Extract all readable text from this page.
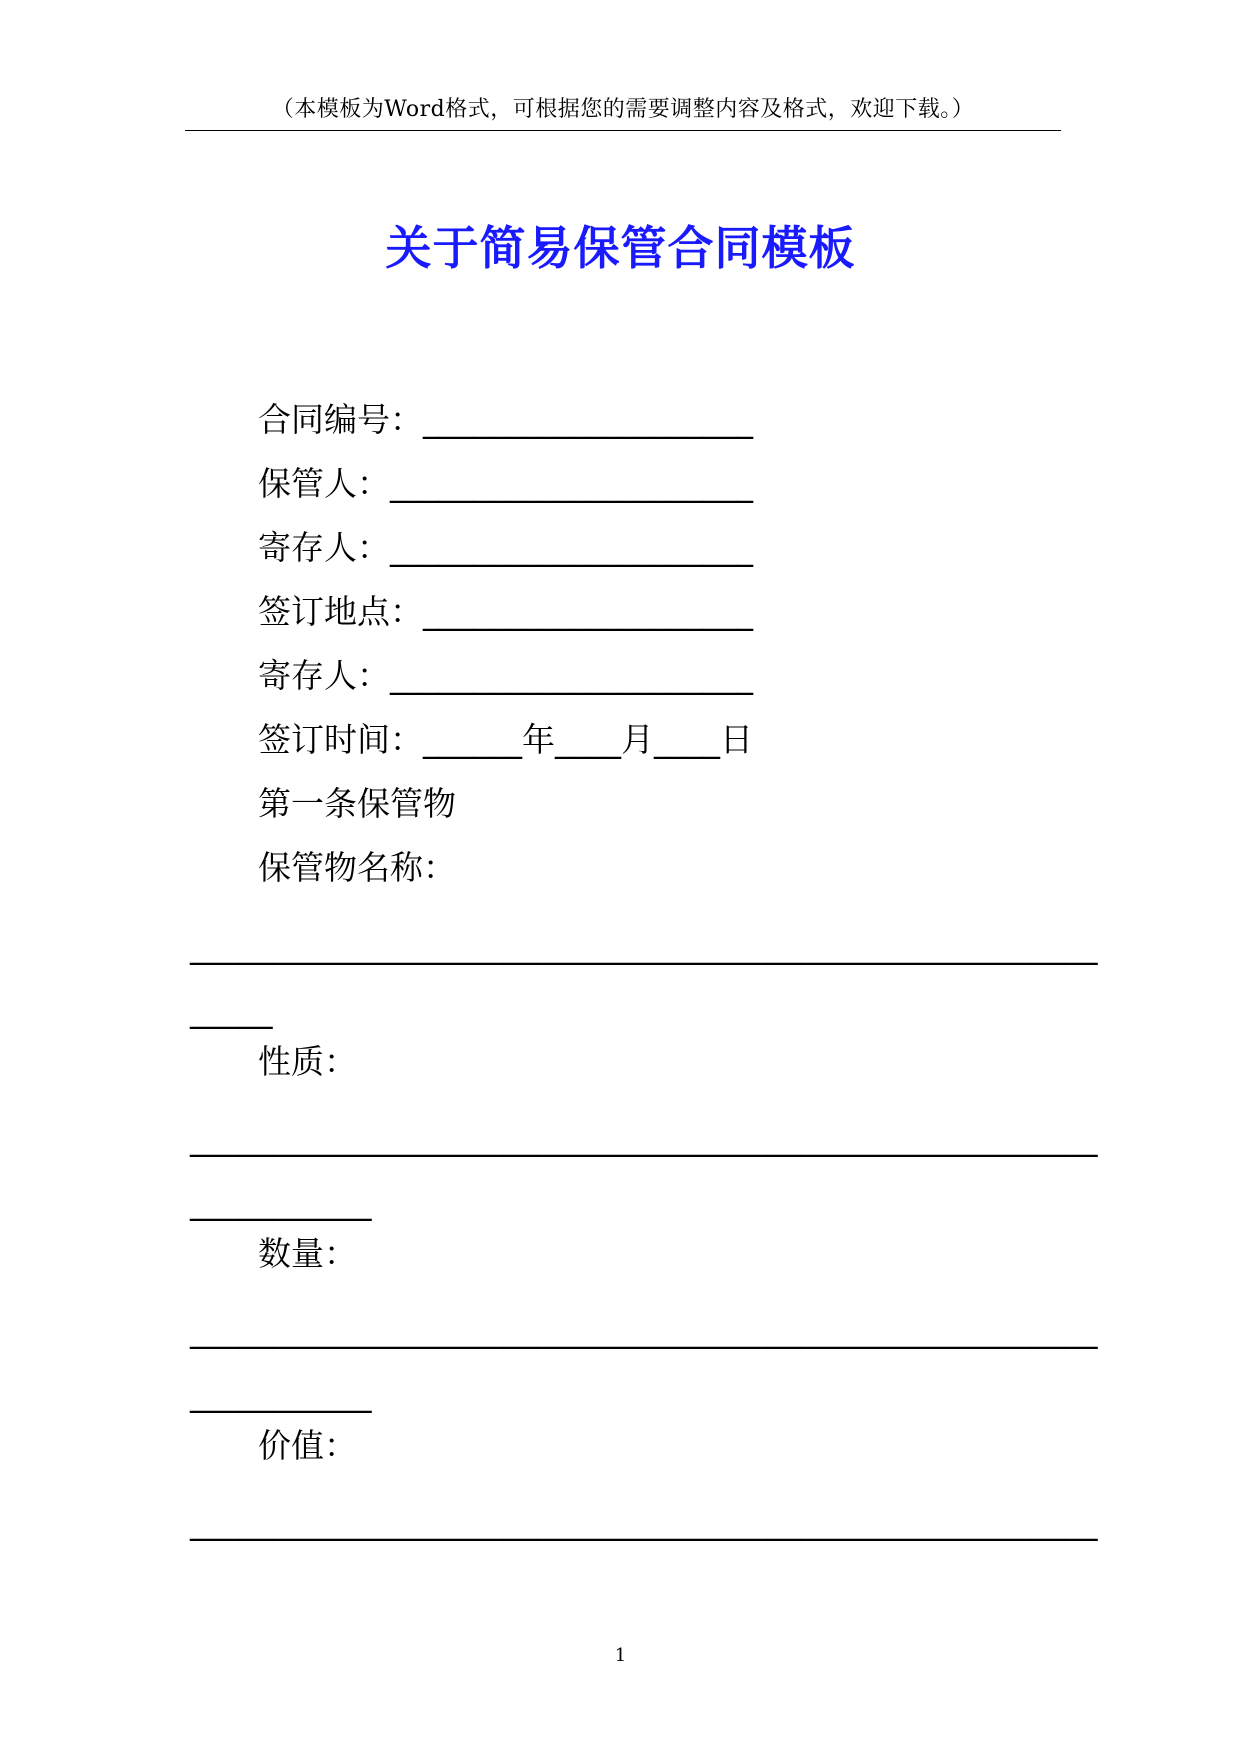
（本模板为Word格式，可根据您的需要调整内容及格式，欢迎下载。）
关于简易保管合同模板
合同编号：____________________
保管人：______________________
寄存人：______________________
签订地点：____________________
寄存人：______________________
签订时间：______年____月____日
第一条保管物
保管物名称：
_______________________________________________________
_____
性质：
_______________________________________________________
___________
数量：
_______________________________________________________
___________
价值：
_______________________________________________________
1
